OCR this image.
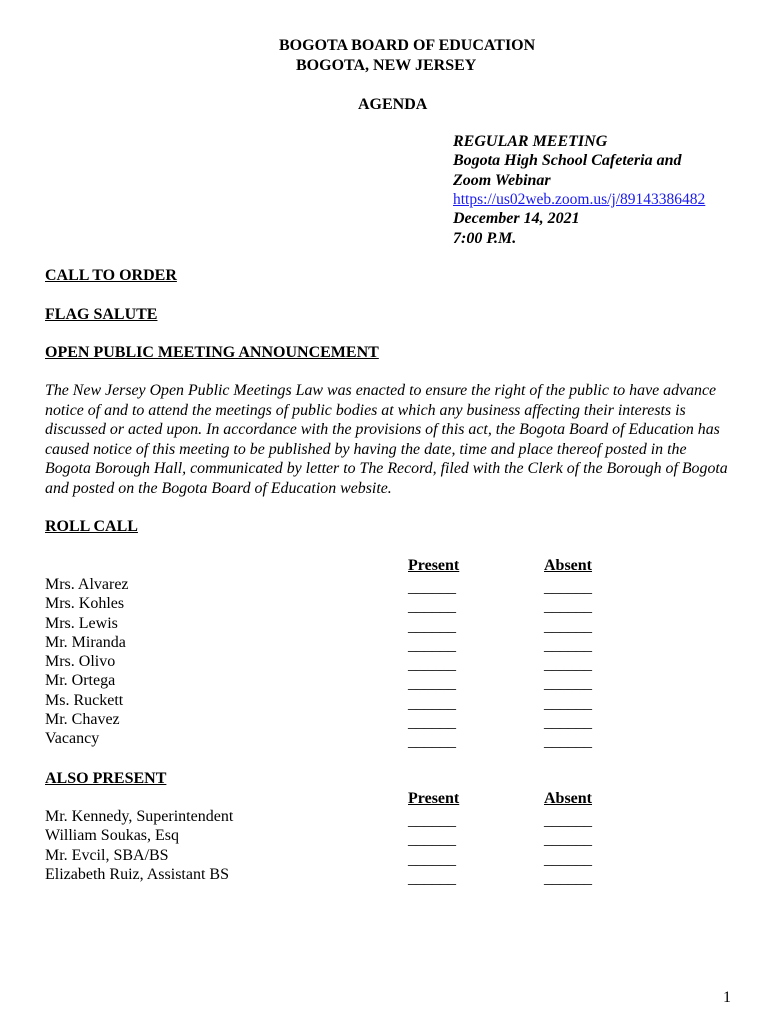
BOGOTA BOARD OF EDUCATION
BOGOTA, NEW JERSEY
AGENDA
REGULAR MEETING
Bogota High School Cafeteria and
Zoom Webinar
https://us02web.zoom.us/j/89143386482
December 14, 2021
7:00 P.M.
CALL TO ORDER
FLAG SALUTE
OPEN PUBLIC MEETING ANNOUNCEMENT
The New Jersey Open Public Meetings Law was enacted to ensure the right of the public to have advance notice of and to attend the meetings of public bodies at which any business affecting their interests is discussed or acted upon. In accordance with the provisions of this act, the Bogota Board of Education has caused notice of this meeting to be published by having the date, time and place thereof posted in the Bogota Borough Hall, communicated by letter to The Record, filed with the Clerk of the Borough of Bogota and posted on the Bogota Board of Education website.
ROLL CALL
Mrs. Alvarez
Mrs. Kohles
Mrs. Lewis
Mr. Miranda
Mrs. Olivo
Mr. Ortega
Ms. Ruckett
Mr. Chavez
Vacancy
Present
______
______
______
______
______
______
______
______
______
Absent
______
______
______
______
______
______
______
______
______
ALSO PRESENT
Mr. Kennedy, Superintendent
William Soukas, Esq
Mr. Evcil, SBA/BS
Elizabeth Ruiz, Assistant BS
Present
______
______
______
______
Absent
______
______
______
______
1
